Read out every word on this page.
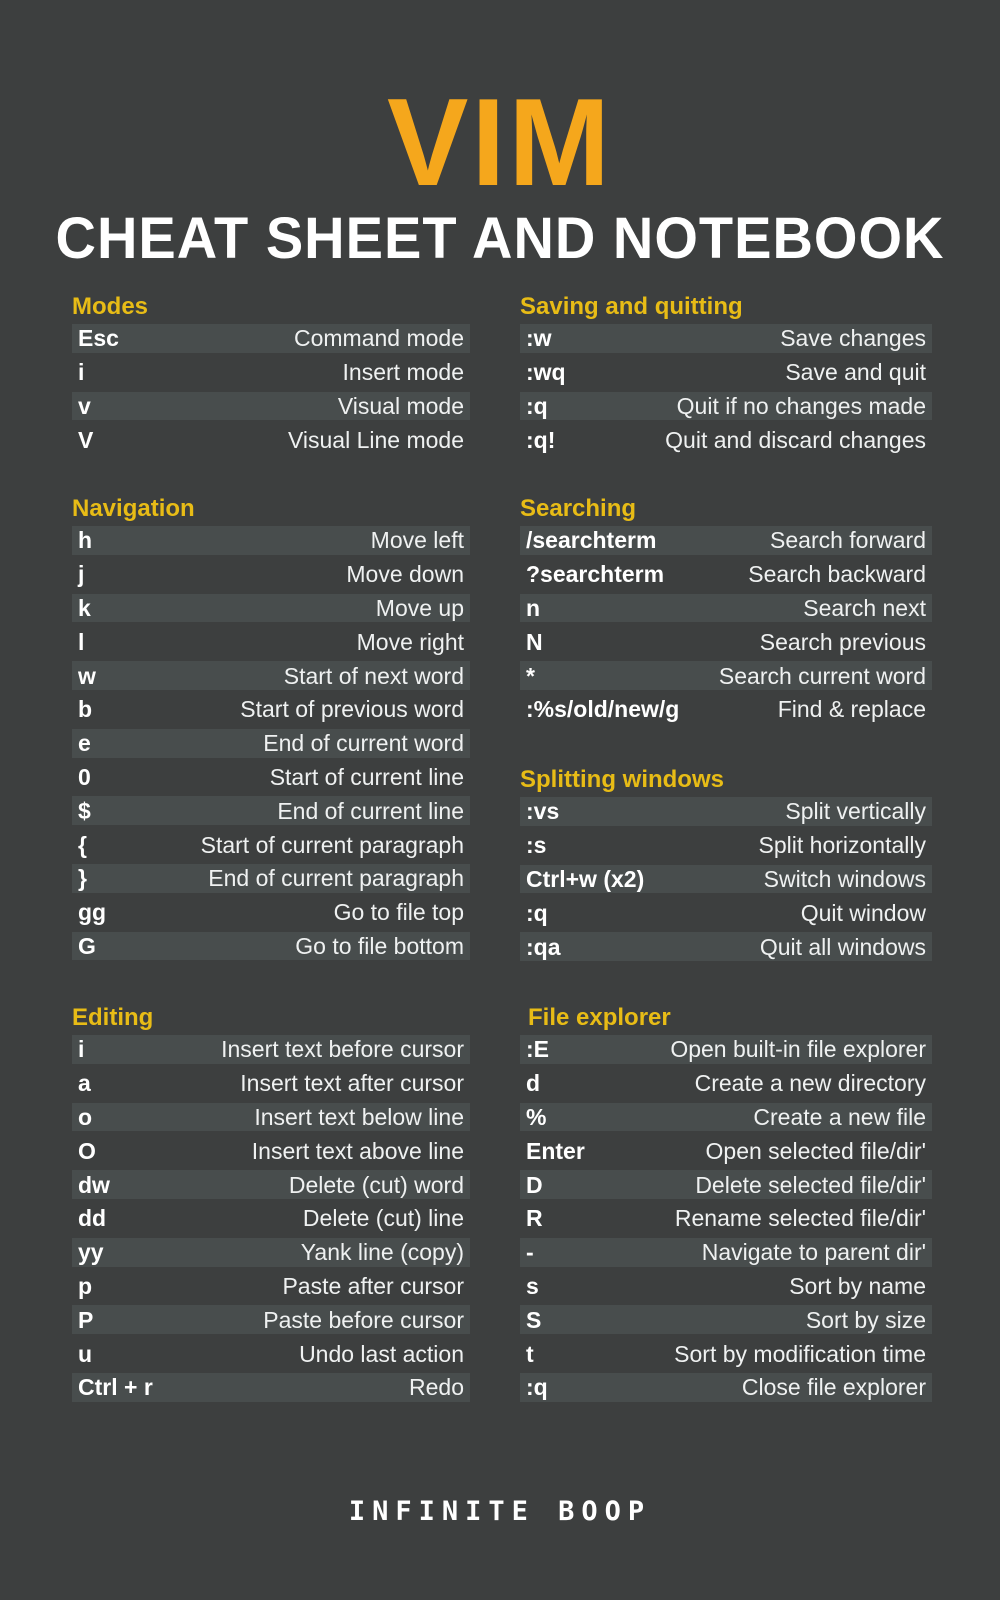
VIM
CHEAT SHEET AND NOTEBOOK
Modes
Esc	Command mode
i	Insert mode
v	Visual mode
V	Visual Line mode
Navigation
h	Move left
j	Move down
k	Move up
l	Move right
w	Start of next word
b	Start of previous word
e	End of current word
0	Start of current line
$	End of current line
{	Start of current paragraph
}	End of current paragraph
gg	Go to file top
G	Go to file bottom
Editing
i	Insert text before cursor
a	Insert text after cursor
o	Insert text below line
O	Insert text above line
dw	Delete (cut) word
dd	Delete (cut) line
yy	Yank line (copy)
p	Paste after cursor
P	Paste before cursor
u	Undo last action
Ctrl + r	Redo
Saving and quitting
:w	Save changes
:wq	Save and quit
:q	Quit if no changes made
:q!	Quit and discard changes
Searching
/searchterm	Search forward
?searchterm	Search backward
n	Search next
N	Search previous
*	Search current word
:%s/old/new/g	Find & replace
Splitting windows
:vs	Split vertically
:s	Split horizontally
Ctrl+w (x2)	Switch windows
:q	Quit window
:qa	Quit all windows
File explorer
:E	Open built-in file explorer
d	Create a new directory
%	Create a new file
Enter	Open selected file/dir'
D	Delete selected file/dir'
R	Rename selected file/dir'
-	Navigate to parent dir'
s	Sort by name
S	Sort by size
t	Sort by modification time
:q	Close file explorer
INFINITE BOOP
